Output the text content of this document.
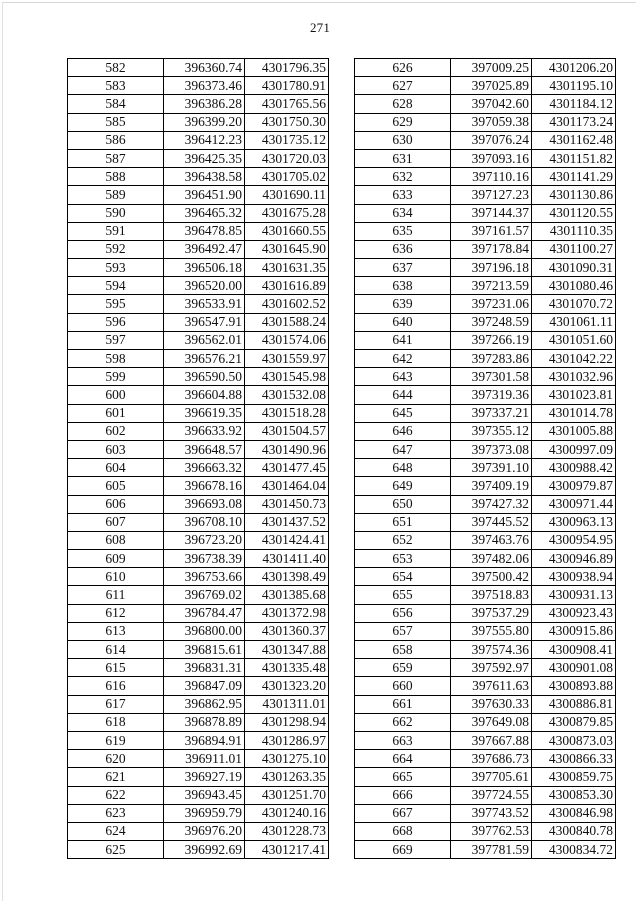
271
582	396360.74	4301796.35
583	396373.46	4301780.91
584	396386.28	4301765.56
585	396399.20	4301750.30
586	396412.23	4301735.12
587	396425.35	4301720.03
588	396438.58	4301705.02
589	396451.90	4301690.11
590	396465.32	4301675.28
591	396478.85	4301660.55
592	396492.47	4301645.90
593	396506.18	4301631.35
594	396520.00	4301616.89
595	396533.91	4301602.52
596	396547.91	4301588.24
597	396562.01	4301574.06
598	396576.21	4301559.97
599	396590.50	4301545.98
600	396604.88	4301532.08
601	396619.35	4301518.28
602	396633.92	4301504.57
603	396648.57	4301490.96
604	396663.32	4301477.45
605	396678.16	4301464.04
606	396693.08	4301450.73
607	396708.10	4301437.52
608	396723.20	4301424.41
609	396738.39	4301411.40
610	396753.66	4301398.49
611	396769.02	4301385.68
612	396784.47	4301372.98
613	396800.00	4301360.37
614	396815.61	4301347.88
615	396831.31	4301335.48
616	396847.09	4301323.20
617	396862.95	4301311.01
618	396878.89	4301298.94
619	396894.91	4301286.97
620	396911.01	4301275.10
621	396927.19	4301263.35
622	396943.45	4301251.70
623	396959.79	4301240.16
624	396976.20	4301228.73
625	396992.69	4301217.41
626	397009.25	4301206.20
627	397025.89	4301195.10
628	397042.60	4301184.12
629	397059.38	4301173.24
630	397076.24	4301162.48
631	397093.16	4301151.82
632	397110.16	4301141.29
633	397127.23	4301130.86
634	397144.37	4301120.55
635	397161.57	4301110.35
636	397178.84	4301100.27
637	397196.18	4301090.31
638	397213.59	4301080.46
639	397231.06	4301070.72
640	397248.59	4301061.11
641	397266.19	4301051.60
642	397283.86	4301042.22
643	397301.58	4301032.96
644	397319.36	4301023.81
645	397337.21	4301014.78
646	397355.12	4301005.88
647	397373.08	4300997.09
648	397391.10	4300988.42
649	397409.19	4300979.87
650	397427.32	4300971.44
651	397445.52	4300963.13
652	397463.76	4300954.95
653	397482.06	4300946.89
654	397500.42	4300938.94
655	397518.83	4300931.13
656	397537.29	4300923.43
657	397555.80	4300915.86
658	397574.36	4300908.41
659	397592.97	4300901.08
660	397611.63	4300893.88
661	397630.33	4300886.81
662	397649.08	4300879.85
663	397667.88	4300873.03
664	397686.73	4300866.33
665	397705.61	4300859.75
666	397724.55	4300853.30
667	397743.52	4300846.98
668	397762.53	4300840.78
669	397781.59	4300834.72
